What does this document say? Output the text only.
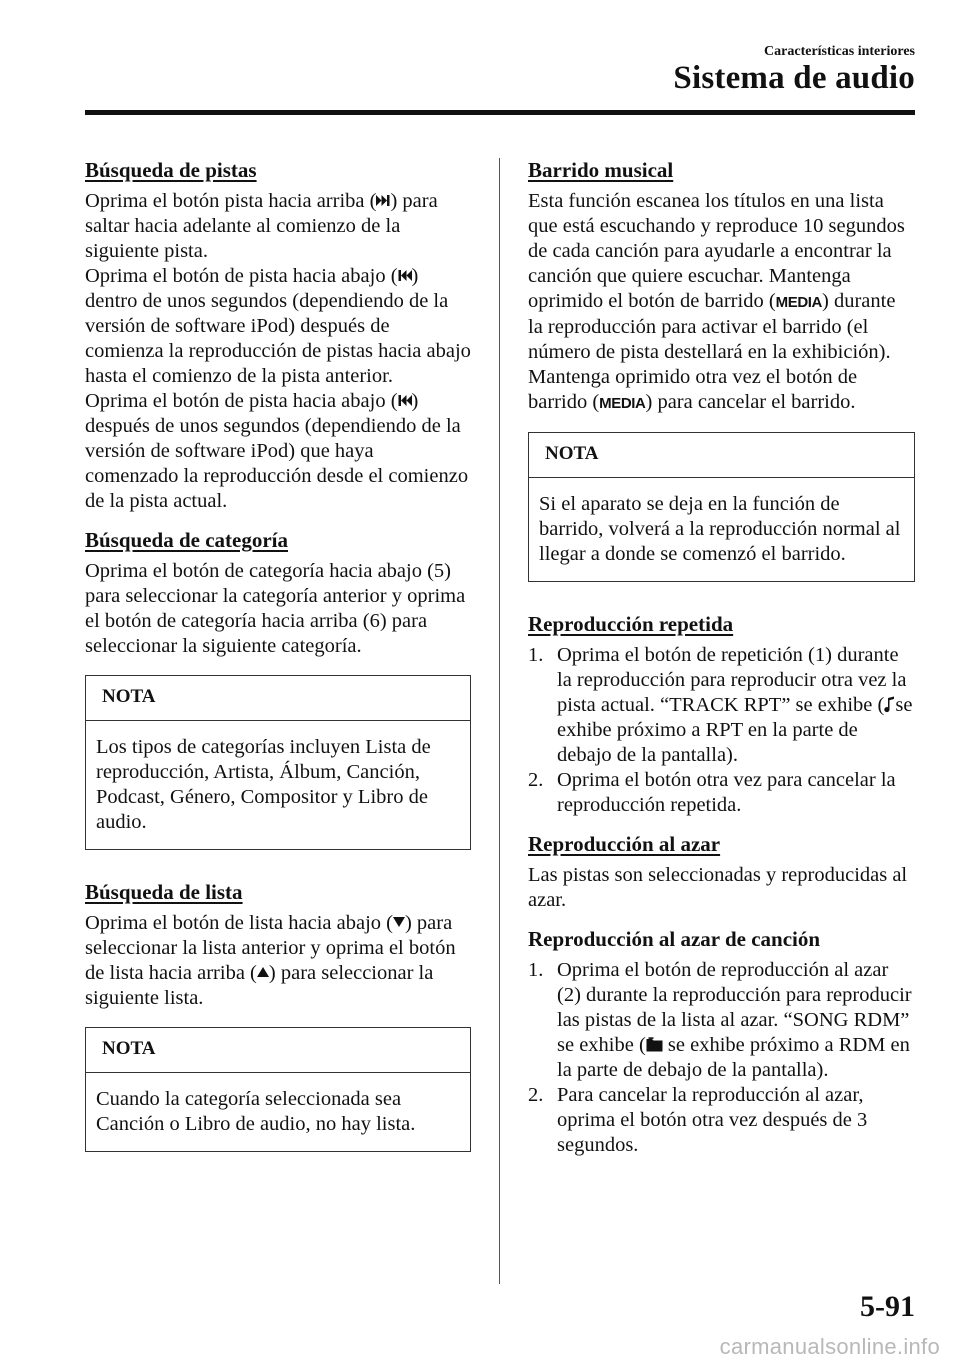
Características interiores
Sistema de audio
Búsqueda de pistas

Oprima el botón pista hacia arriba ( ) para saltar hacia adelante al comienzo de la siguiente pista.

Oprima el botón de pista hacia abajo ( ) dentro de unos segundos (dependiendo de la versión de software iPod) después de comienza la reproducción de pistas hacia abajo hasta el comienzo de la pista anterior.

Oprima el botón de pista hacia abajo ( ) después de unos segundos (dependiendo de la versión de software iPod) que haya comenzado la reproducción desde el comienzo de la pista actual.

Búsqueda de categoría

Oprima el botón de categoría hacia abajo (5) para seleccionar la categoría anterior y oprima el botón de categoría hacia arriba (6) para seleccionar la siguiente categoría.

NOTA
Los tipos de categorías incluyen Lista de reproducción, Artista, Álbum, Canción, Podcast, Género, Compositor y Libro de audio.
Búsqueda de lista

Oprima el botón de lista hacia abajo ( ) para seleccionar la lista anterior y oprima el botón de lista hacia arriba ( ) para seleccionar la siguiente lista.

NOTA
Cuando la categoría seleccionada sea Canción o Libro de audio, no hay lista.
Barrido musical

Esta función escanea los títulos en una lista que está escuchando y reproduce 10 segundos de cada canción para ayudarle a encontrar la canción que quiere escuchar. Mantenga oprimido el botón de barrido (MEDIA) durante la reproducción para activar el barrido (el número de pista destellará en la exhibición). Mantenga oprimido otra vez el botón de barrido (MEDIA) para cancelar el barrido.

NOTA
Si el aparato se deja en la función de barrido, volverá a la reproducción normal al llegar a donde se comenzó el barrido.
Reproducción repetida
1. Oprima el botón de repetición (1) durante la reproducción para reproducir otra vez la pista actual. “TRACK RPT” se exhibe ( se exhibe próximo a RPT en la parte de debajo de la pantalla).
2. Oprima el botón otra vez para cancelar la reproducción repetida.
Reproducción al azar

Las pistas son seleccionadas y reproducidas al azar.

Reproducción al azar de canción
1. Oprima el botón de reproducción al azar (2) durante la reproducción para reproducir las pistas de la lista al azar. “SONG RDM” se exhibe ( se exhibe próximo a RDM en la parte de debajo de la pantalla).
2. Para cancelar la reproducción al azar, oprima el botón otra vez después de 3 segundos.
5-91
carmanualsonline.info
